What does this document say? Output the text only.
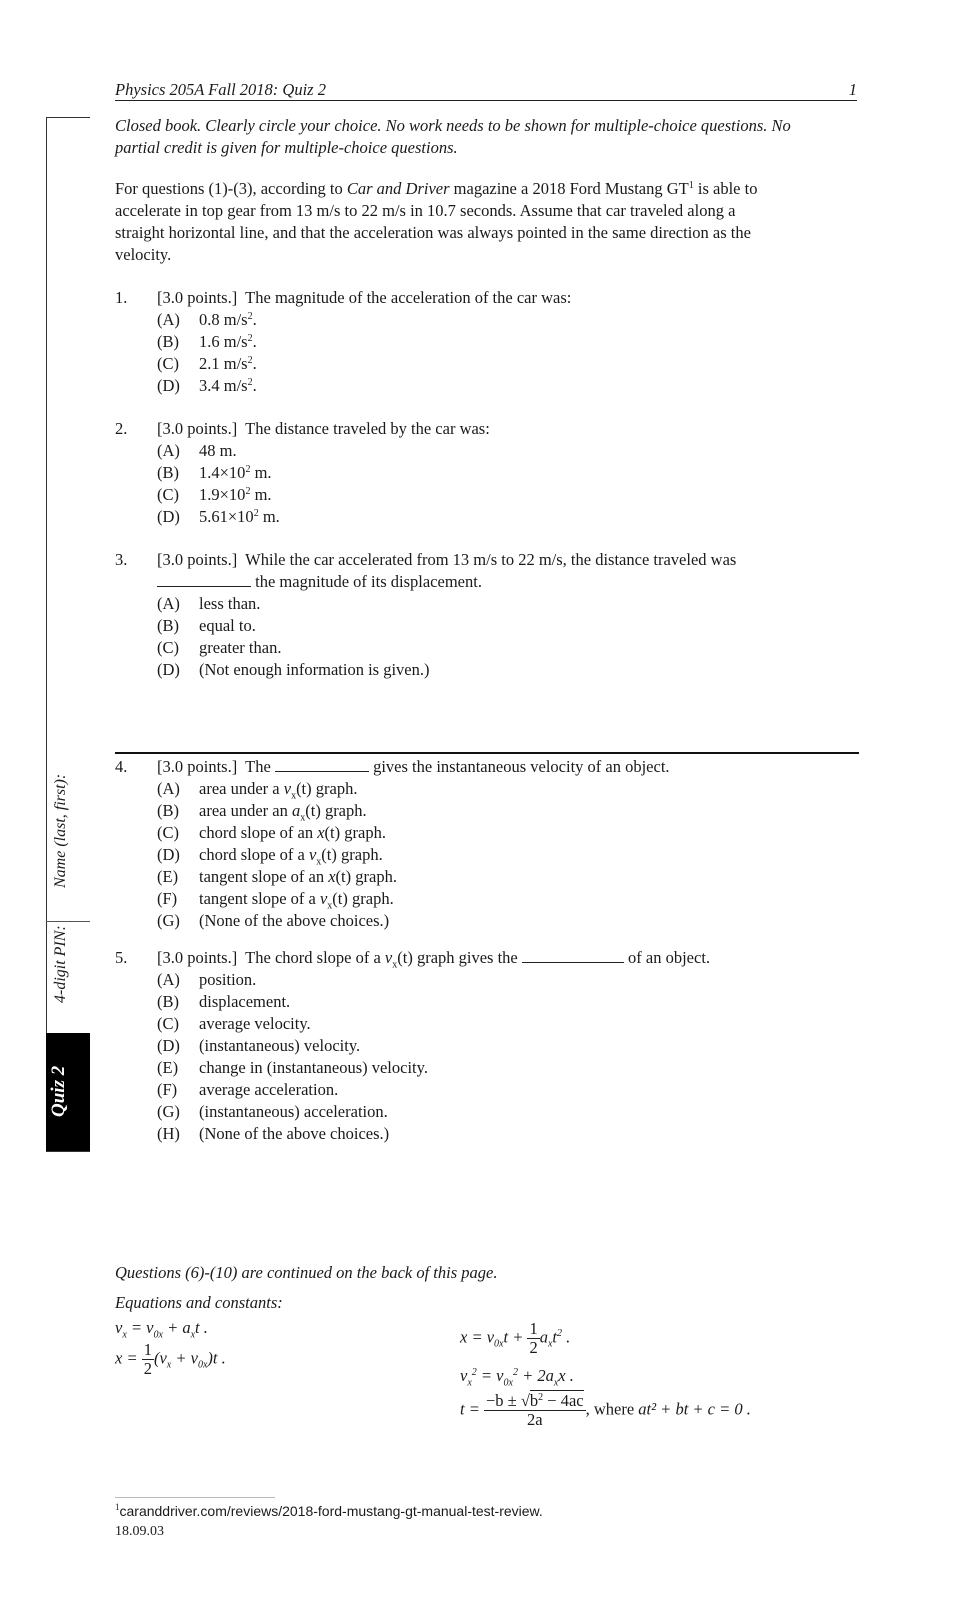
Physics 205A Fall 2018: Quiz 2	1
Name (last, first):
4-digit PIN:
Quiz 2
Closed book. Clearly circle your choice. No work needs to be shown for multiple-choice questions. No partial credit is given for multiple-choice questions.
For questions (1)-(3), according to Car and Driver magazine a 2018 Ford Mustang $GT^1$ is able to
accelerate in top gear from 13 m/s to 22 m/s in 10.7 seconds. Assume that car traveled along a
straight horizontal line, and that the acceleration was always pointed in the same direction as the
velocity.
1. [3.0 points.] The magnitude of the acceleration of the car was:
(A) 0.8 $m/s^2$.
(B) 1.6 $m/s^2$.
(C) 2.1 $m/s^2$.
(D) 3.4 $m/s^2$.
2. [3.0 points.] The distance traveled by the car was:
(A) 48 m.
(B) $1.4\times 10^2$ m.
(C) $1.9\times 10^2$ m.
(D) $5.61\times 10^2$ m.
3. [3.0 points.] While the car accelerated from 13 m/s to 22 m/s, the distance traveled was
the magnitude of its displacement.
(A) less than.
(B) equal to.
(C) greater than.
(D) (Not enough information is given.)
4. [3.0 points.] The	gives the instantaneous velocity of an object.
(A) area under a $v_x(t)$ graph.
(B) area under an $a_x(t)$ graph.
(C) chord slope of an x(t) graph.
(D) chord slope of a $v_x(t)$ graph.
(E) tangent slope of an x(t) graph.
(F) tangent slope of a $v_x(t)$ graph.
(G) (None of the above choices.)
5. [3.0 points.] The chord slope of a $v_x(t)$ graph gives the	of an object.
(A) position.
(B) displacement.
(C) average velocity.
(D) (instantaneous) velocity.
(E) change in (instantaneous) velocity.
(F) average acceleration.
(G) (instantaneous) acceleration.
(H) (None of the above choices.)
Questions (6)-(10) are continued on the back of this page.
Equations and constants:
$v_x = v_{0x} + a_xt$ .
$x = \frac{1}{2} (v_x + v_{0x})t$ .
$x = v_{0x}t + \frac{1}{2} a_xt^2$ .
$v_x^2 = v_{0x}^2 + 2a_xx$ .
$t = \frac{-b \pm √b^2 - 4ac}{2a}$ , where at² + bt + c = 0 .
$^1$caranddriver.com/reviews/2018-ford-mustang-gt-manual-test-review.
18.09.03
